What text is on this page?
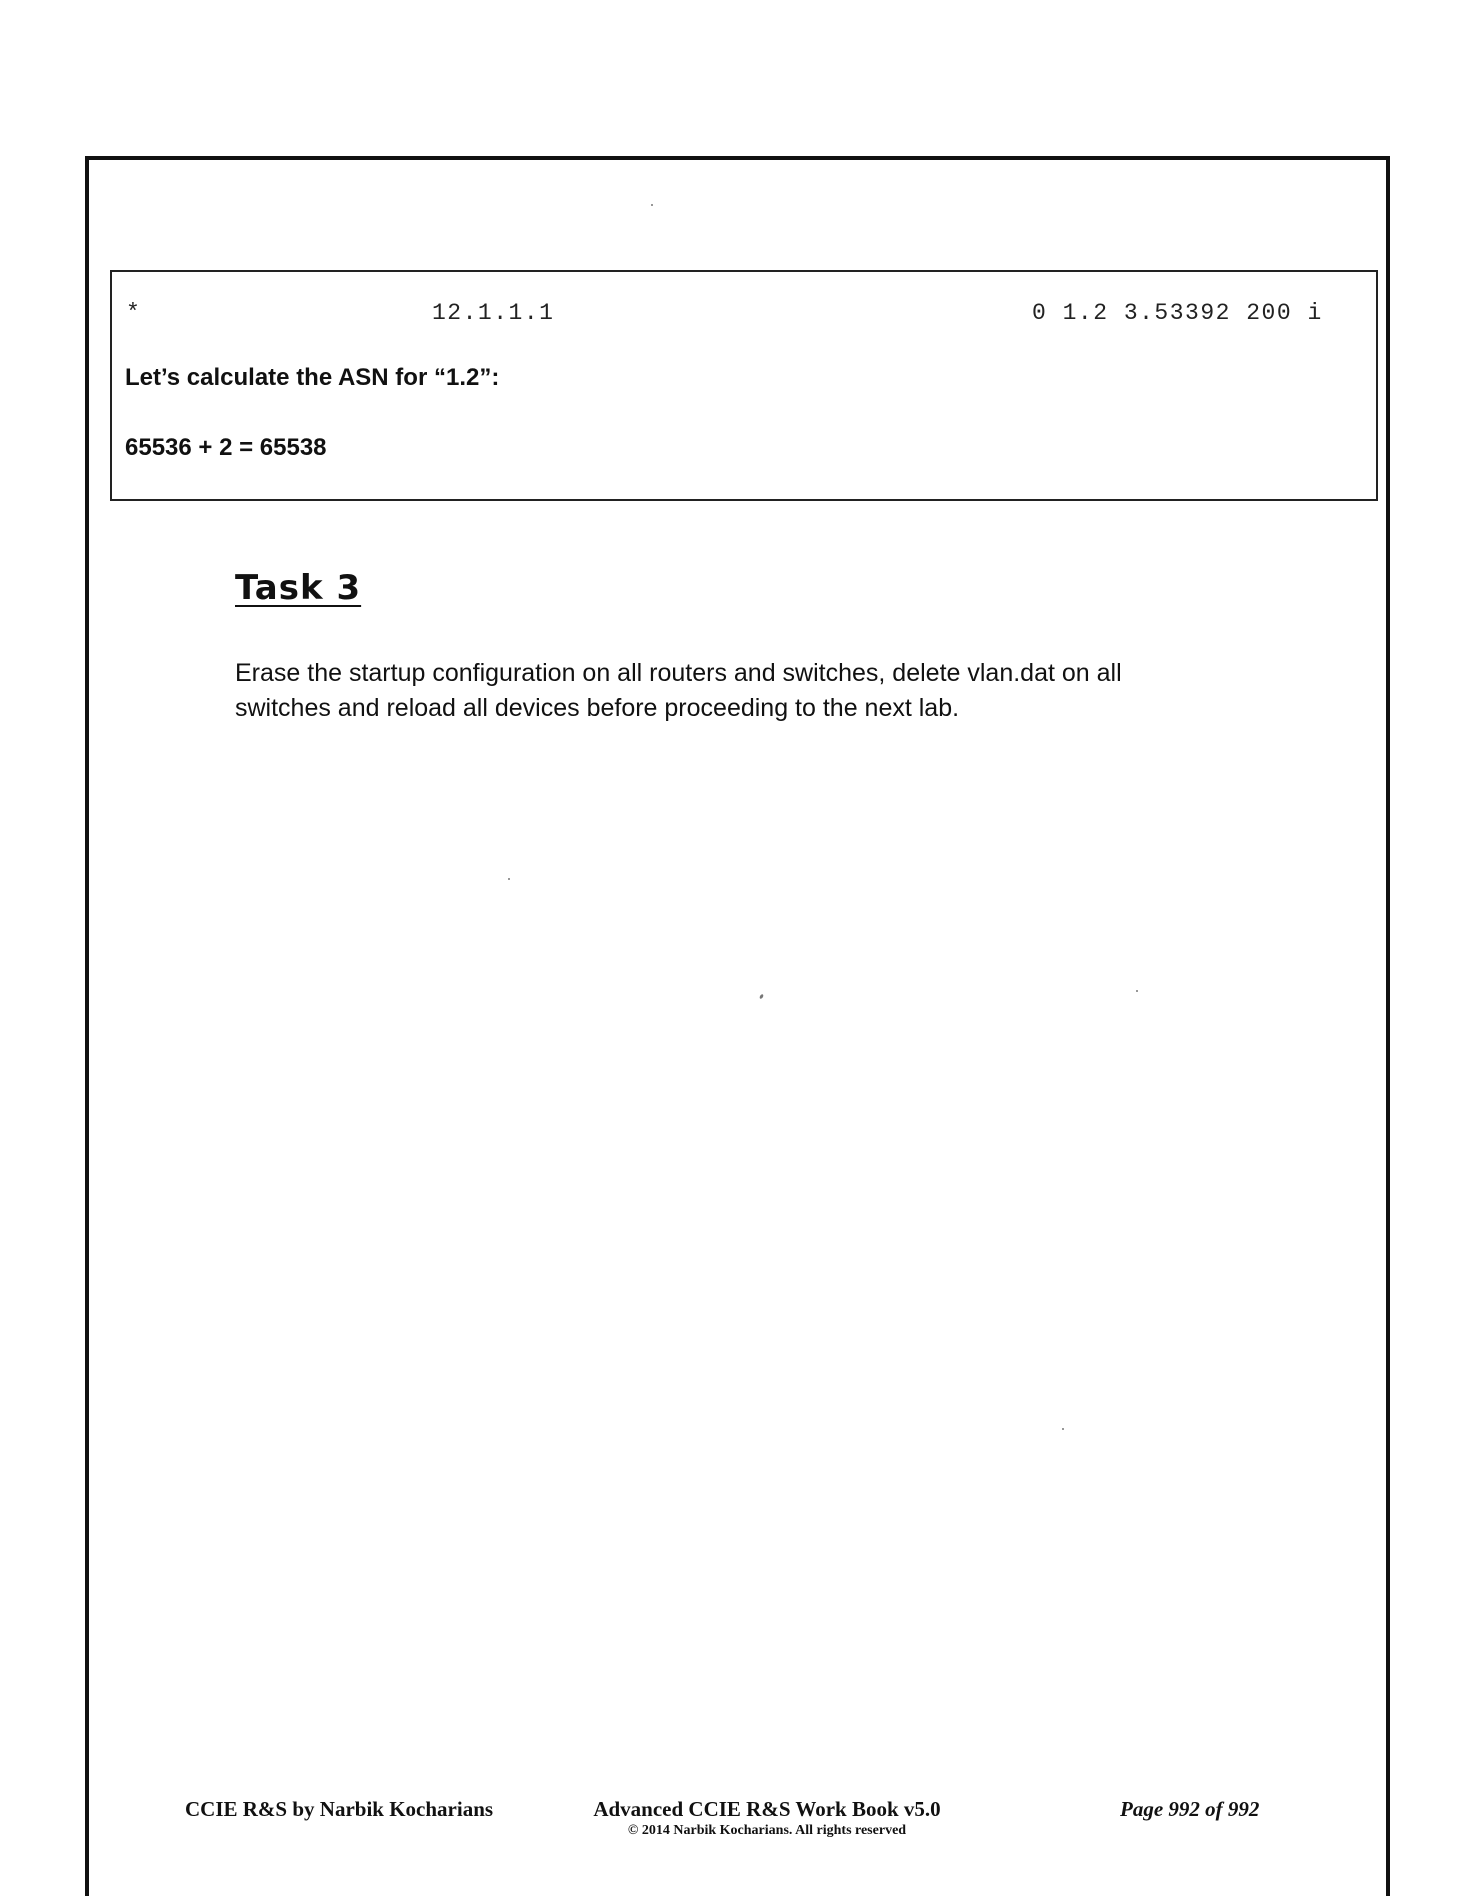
*	12.1.1.1	0 1.2 3.53392 200 i
Let’s calculate the ASN for “1.2”:
65536 + 2 = 65538
Task 3
Erase the startup configuration on all routers and switches, delete vlan.dat on all switches and reload all devices before proceeding to the next lab.
CCIE R&S by Narbik Kocharians	Advanced CCIE R&S Work Book v5.0
© 2014 Narbik Kocharians. All rights reserved
Page 992 of 992
